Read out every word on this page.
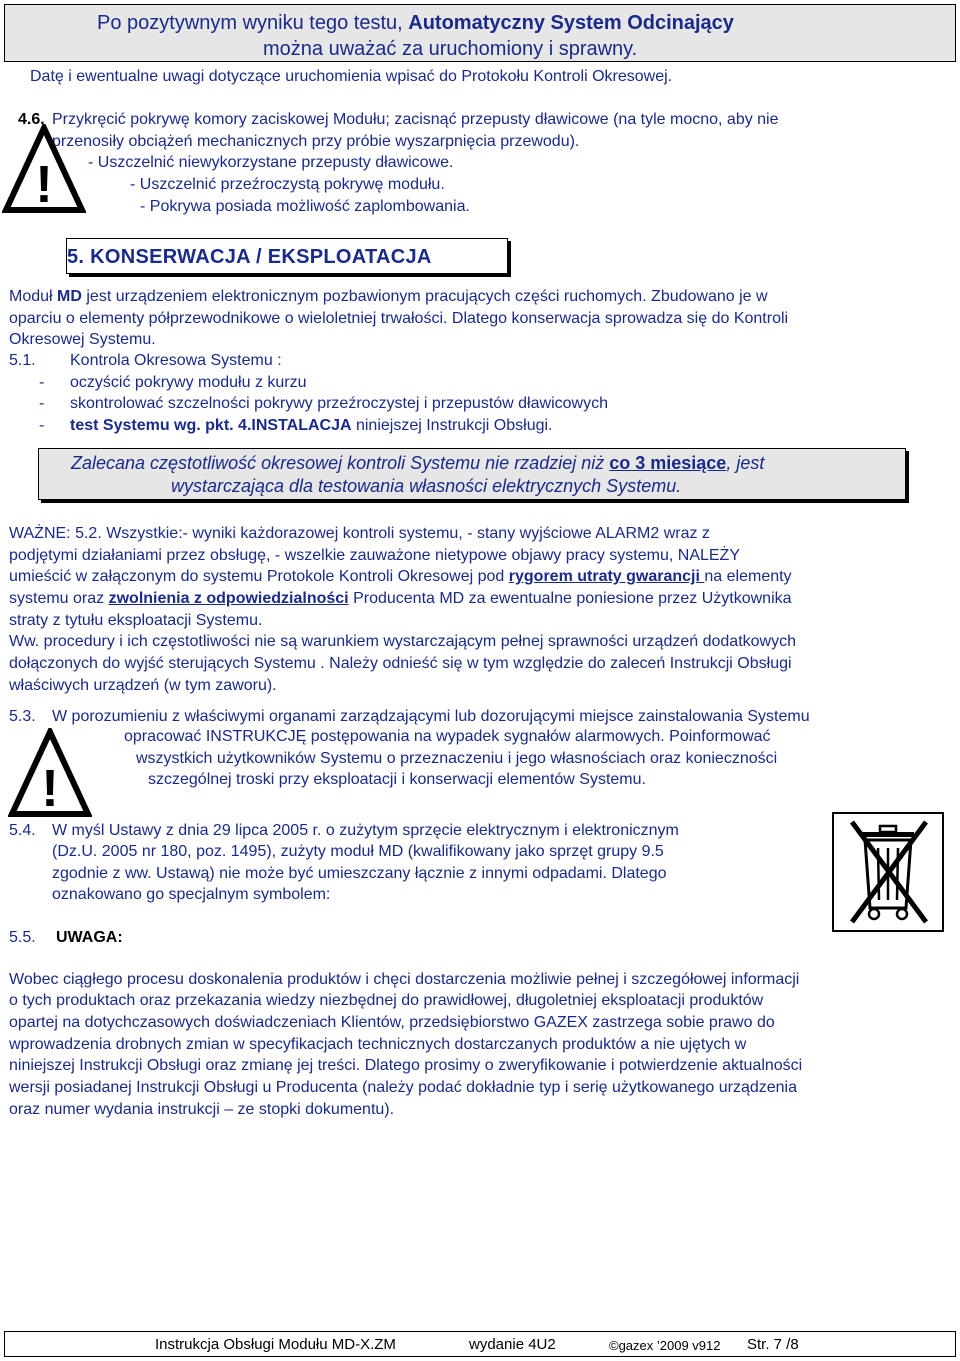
Po pozytywnym wyniku tego testu, Automatyczny System Odcinający
można uważać za uruchomiony i sprawny.
Datę i ewentualne uwagi dotyczące uruchomienia wpisać do Protokołu Kontroli Okresowej.
4.6. Przykręcić pokrywę komory zaciskowej Modułu; zacisnąć przepusty dławicowe (na tyle mocno, aby nie
przenosiły obciążeń mechanicznych przy próbie wyszarpnięcia przewodu).
- Uszczelnić niewykorzystane przepusty dławicowe.
- Uszczelnić przeźroczystą pokrywę modułu.
- Pokrywa posiada możliwość zaplombowania.
!
5. KONSERWACJA / EKSPLOATACJA
Moduł MD jest urządzeniem elektronicznym pozbawionym pracujących części ruchomych. Zbudowano je w
oparciu o elementy półprzewodnikowe o wieloletniej trwałości. Dlatego konserwacja sprowadza się do Kontroli
Okresowej Systemu.
5.1. Kontrola Okresowa Systemu :
- oczyścić pokrywy modułu z kurzu
- skontrolować szczelności pokrywy przeźroczystej i przepustów dławicowych
- test Systemu wg. pkt. 4.INSTALACJA niniejszej Instrukcji Obsługi.
Zalecana częstotliwość okresowej kontroli Systemu nie rzadziej niż co 3 miesiące, jest
wystarczająca dla testowania własności elektrycznych Systemu.
WAŻNE: 5.2. Wszystkie:- wyniki każdorazowej kontroli systemu, - stany wyjściowe ALARM2 wraz z
podjętymi działaniami przez obsługę, - wszelkie zauważone nietypowe objawy pracy systemu, NALEŻY
umieścić w załączonym do systemu Protokole Kontroli Okresowej pod rygorem utraty gwarancji na elementy
systemu oraz zwolnienia z odpowiedzialności Producenta MD za ewentualne poniesione przez Użytkownika
straty z tytułu eksploatacji Systemu.
Ww. procedury i ich częstotliwości nie są warunkiem wystarczającym pełnej sprawności urządzeń dodatkowych
dołączonych do wyjść sterujących Systemu . Należy odnieść się w tym względzie do zaleceń Instrukcji Obsługi
właściwych urządzeń (w tym zaworu).
5.3. W porozumieniu z właściwymi organami zarządzającymi lub dozorującymi miejsce zainstalowania Systemu
opracować INSTRUKCJĘ postępowania na wypadek sygnałów alarmowych. Poinformować
wszystkich użytkowników Systemu o przeznaczeniu i jego własnościach oraz konieczności
szczególnej troski przy eksploatacji i konserwacji elementów Systemu.
!
5.4. W myśl Ustawy z dnia 29 lipca 2005 r. o zużytym sprzęcie elektrycznym i elektronicznym
(Dz.U. 2005 nr 180, poz. 1495), zużyty moduł MD (kwalifikowany jako sprzęt grupy 9.5
zgodnie z ww. Ustawą) nie może być umieszczany łącznie z innymi odpadami. Dlatego
oznakowano go specjalnym symbolem:
5.5. UWAGA:
Wobec ciągłego procesu doskonalenia produktów i chęci dostarczenia możliwie pełnej i szczegółowej informacji
o tych produktach oraz przekazania wiedzy niezbędnej do prawidłowej, długoletniej eksploatacji produktów
opartej na dotychczasowych doświadczeniach Klientów, przedsiębiorstwo GAZEX zastrzega sobie prawo do
wprowadzenia drobnych zmian w specyfikacjach technicznych dostarczanych produktów a nie ujętych w
niniejszej Instrukcji Obsługi oraz zmianę jej treści. Dlatego prosimy o zweryfikowanie i potwierdzenie aktualności
wersji posiadanej Instrukcji Obsługi u Producenta (należy podać dokładnie typ i serię użytkowanego urządzenia
oraz numer wydania instrukcji – ze stopki dokumentu).
Instrukcja Obsługi Modułu MD-X.ZM	wydanie 4U2	©gazex ’2009 v912 Str. 7 /8
